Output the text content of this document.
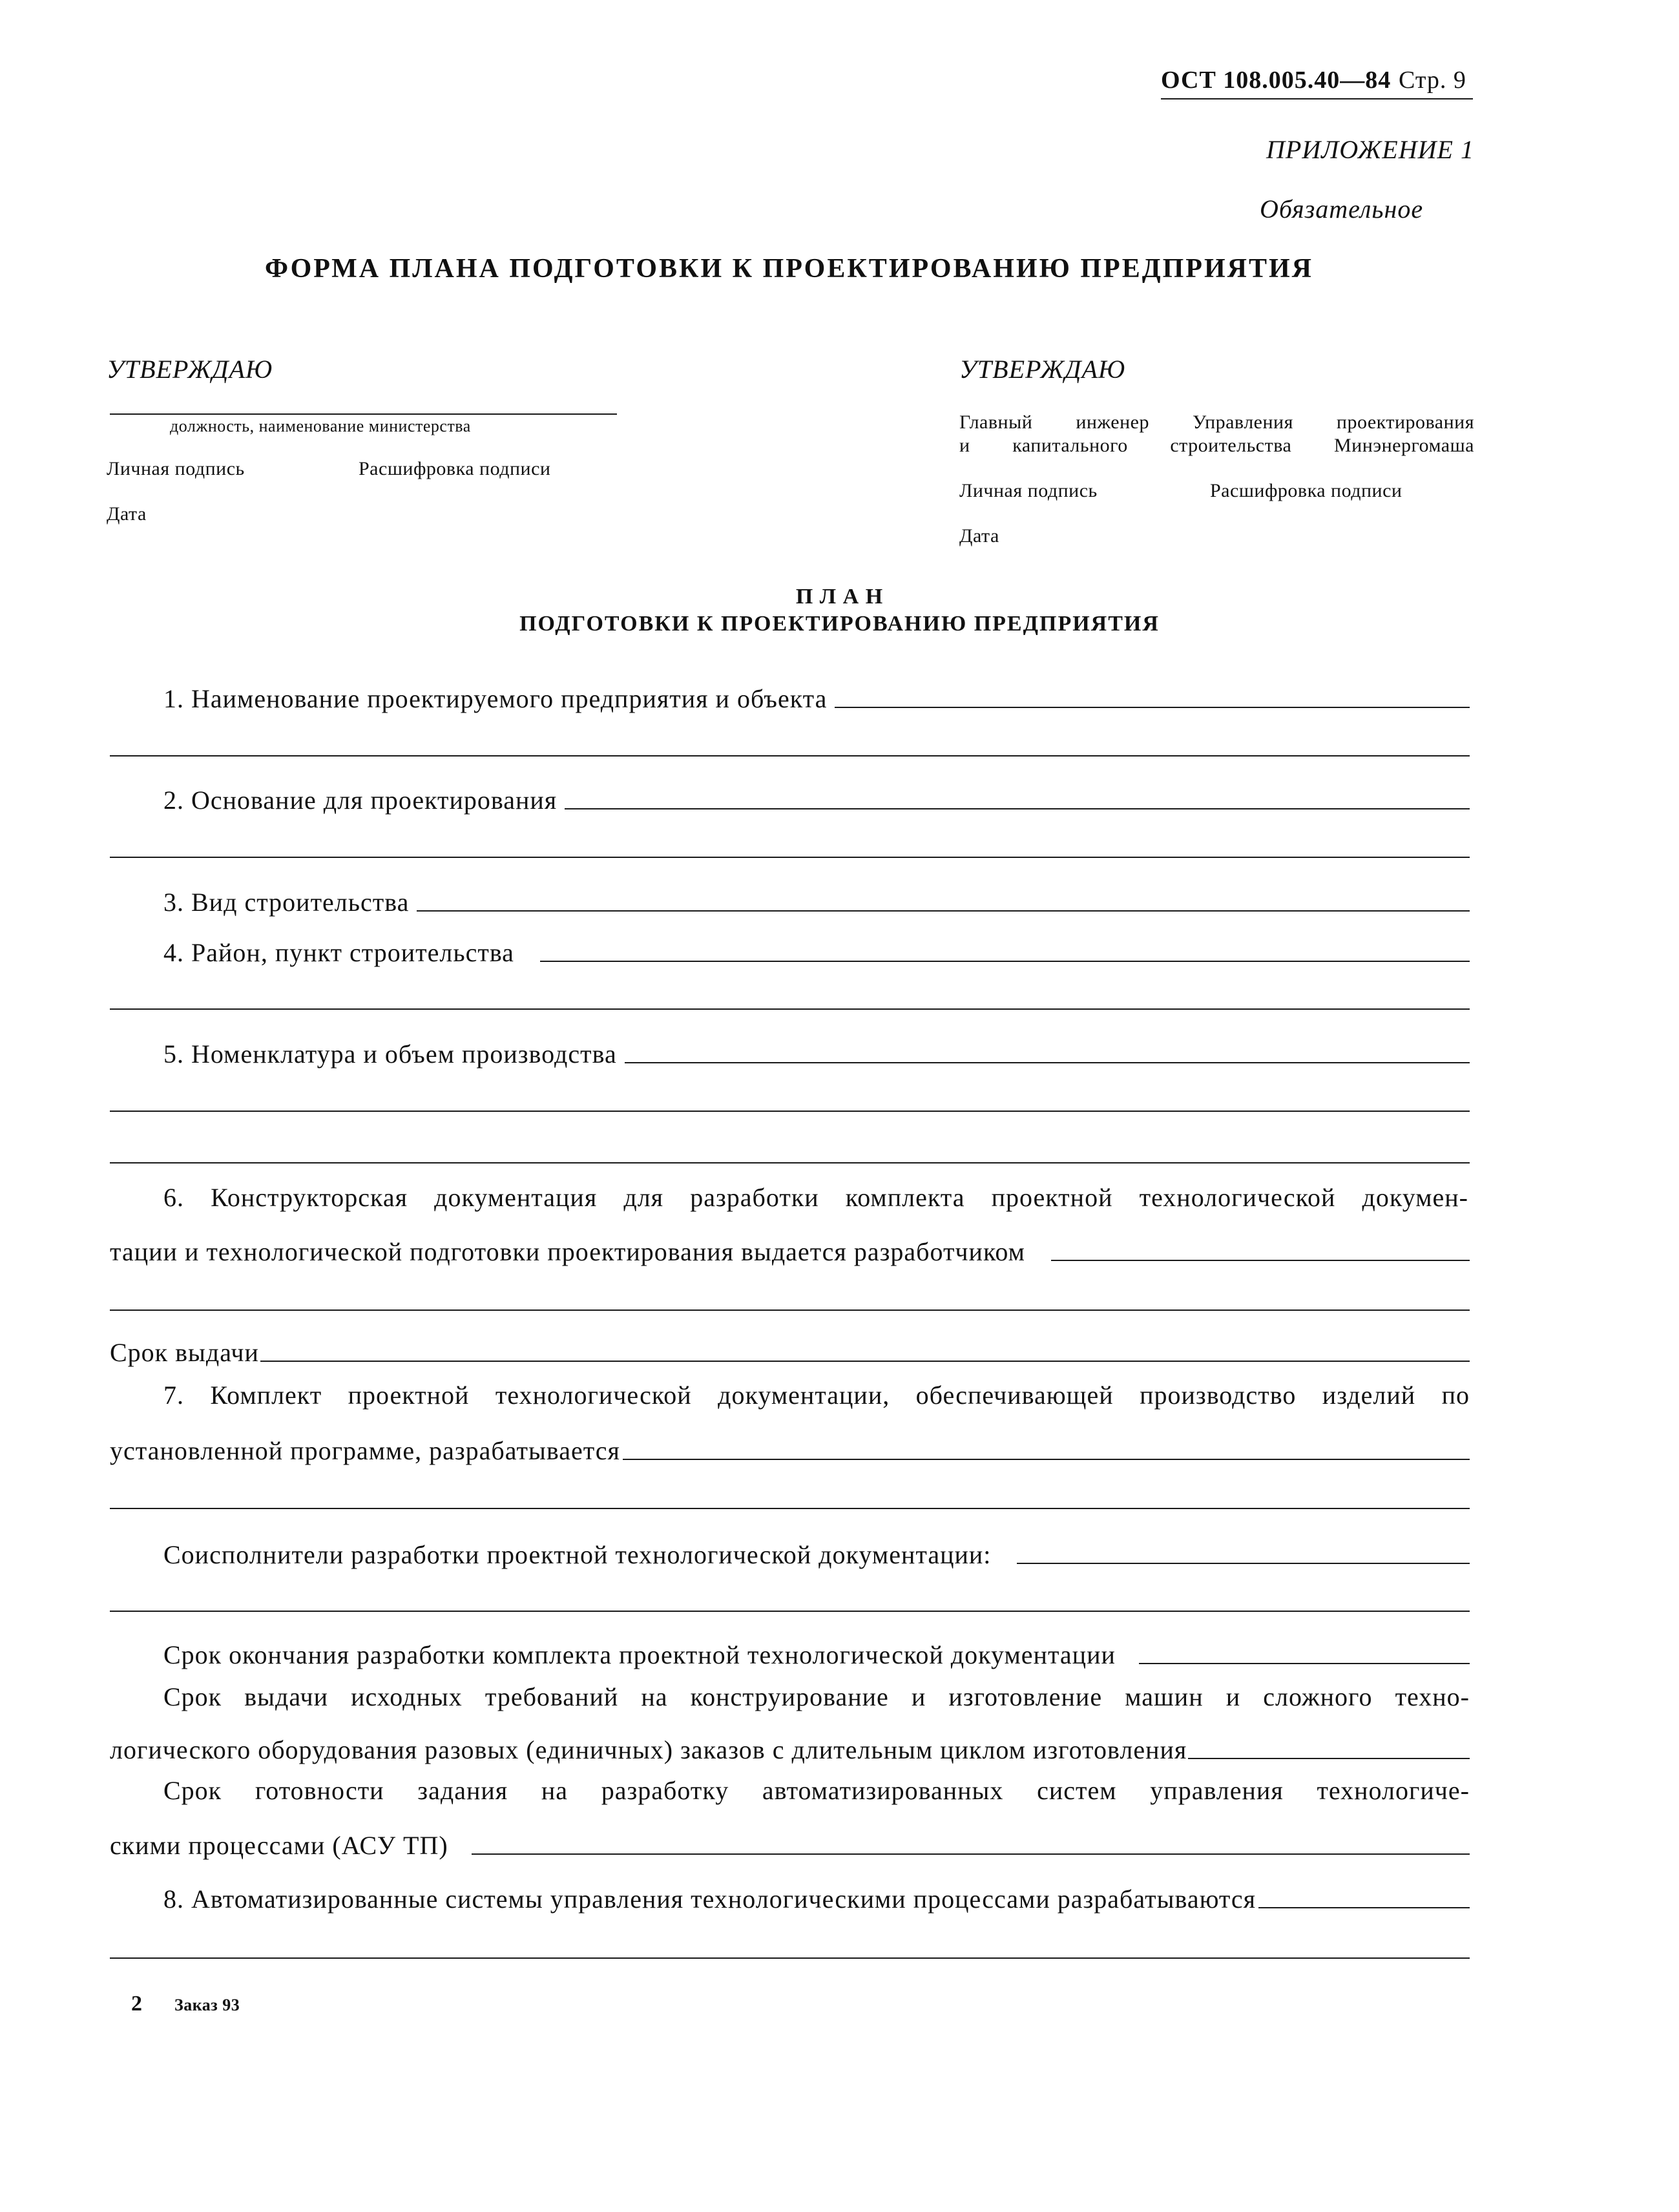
ОСТ 108.005.40—84 Стр. 9
ПРИЛОЖЕНИЕ 1
Обязательное
ФОРМА ПЛАНА ПОДГОТОВКИ К ПРОЕКТИРОВАНИЮ ПРЕДПРИЯТИЯ
УТВЕРЖДАЮ
должность, наименование министерства
Личная подпись	Расшифровка подписи
Дата
УТВЕРЖДАЮ
Главный инженер Управления проектирования
и капитального строительства Минэнергомаша
Личная подпись	Расшифровка подписи
Дата
П Л А Н
ПОДГОТОВКИ К ПРОЕКТИРОВАНИЮ ПРЕДПРИЯТИЯ
1. Наименование проектируемого предприятия и объекта
2. Основание для проектирования
3. Вид строительства
4. Район, пункт строительства
5. Номенклатура и объем производства
6. Конструкторская документация для разработки комплекта проектной технологической докумен-
тации и технологической подготовки проектирования выдается разработчиком
Срок выдачи
7. Комплект проектной технологической документации, обеспечивающей производство изделий по
установленной программе, разрабатывается
Соисполнители разработки проектной технологической документации:
Срок окончания разработки комплекта проектной технологической документации
Срок выдачи исходных требований на конструирование и изготовление машин и сложного техно-
логического оборудования разовых (единичных) заказов с длительным циклом изготовления
Срок готовности задания на разработку автоматизированных систем управления технологиче-
скими процессами (АСУ ТП)
8. Автоматизированные системы управления технологическими процессами разрабатываются
2 Заказ 93
